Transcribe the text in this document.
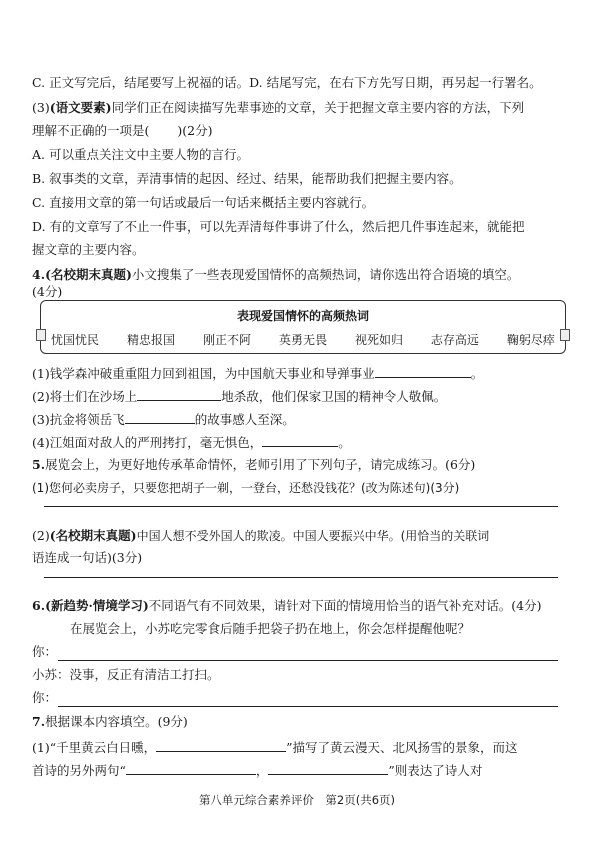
C. 正文写完后，结尾要写上祝福的话。D. 结尾写完，在右下方先写日期，再另起一行署名。
(3)(语文要素)同学们正在阅读描写先辈事迹的文章，关于把握文章主要内容的方法，下列
理解不正确的一项是( )(2分)
A. 可以重点关注文中主要人物的言行。
B. 叙事类的文章，弄清事情的起因、经过、结果，能帮助我们把握主要内容。
C. 直接用文章的第一句话或最后一句话来概括主要内容就行。
D. 有的文章写了不止一件事，可以先弄清每件事讲了什么，然后把几件事连起来，就能把
握文章的主要内容。
4.(名校期末真题)小文搜集了一些表现爱国情怀的高频热词，请你选出符合语境的填空。
(4分)
表现爱国情怀的高频热词
忧国忧民 精忠报国 刚正不阿 英勇无畏 视死如归 志存高远 鞠躬尽瘁
(1)钱学森冲破重重阻力回到祖国，为中国航天事业和导弹事业	。
(2)将士们在沙场上	地杀敌，他们保家卫国的精神令人敬佩。
(3)抗金将领岳飞	的故事感人至深。
(4)江姐面对敌人的严刑拷打，毫无惧色，	。
5.展览会上，为更好地传承革命情怀，老师引用了下列句子，请完成练习。(6分)
(1)您何必卖房子，只要您把胡子一剃，一登台，还愁没钱花？(改为陈述句)(3分)
(2)(名校期末真题)中国人想不受外国人的欺凌。中国人要振兴中华。(用恰当的关联词
语连成一句话)(3分)
6.(新趋势·情境学习)不同语气有不同效果，请针对下面的情境用恰当的语气补充对话。(4分)
在展览会上，小苏吃完零食后随手把袋子扔在地上，你会怎样提醒他呢？
你：
小苏：没事，反正有清洁工打扫。
你：
7.根据课本内容填空。(9分)
(1)“千里黄云白日曛，	”描写了黄云漫天、北风扬雪的景象，而这
首诗的另外两句“	，	”则表达了诗人对
第八单元综合素养评价　第2页(共6页)
